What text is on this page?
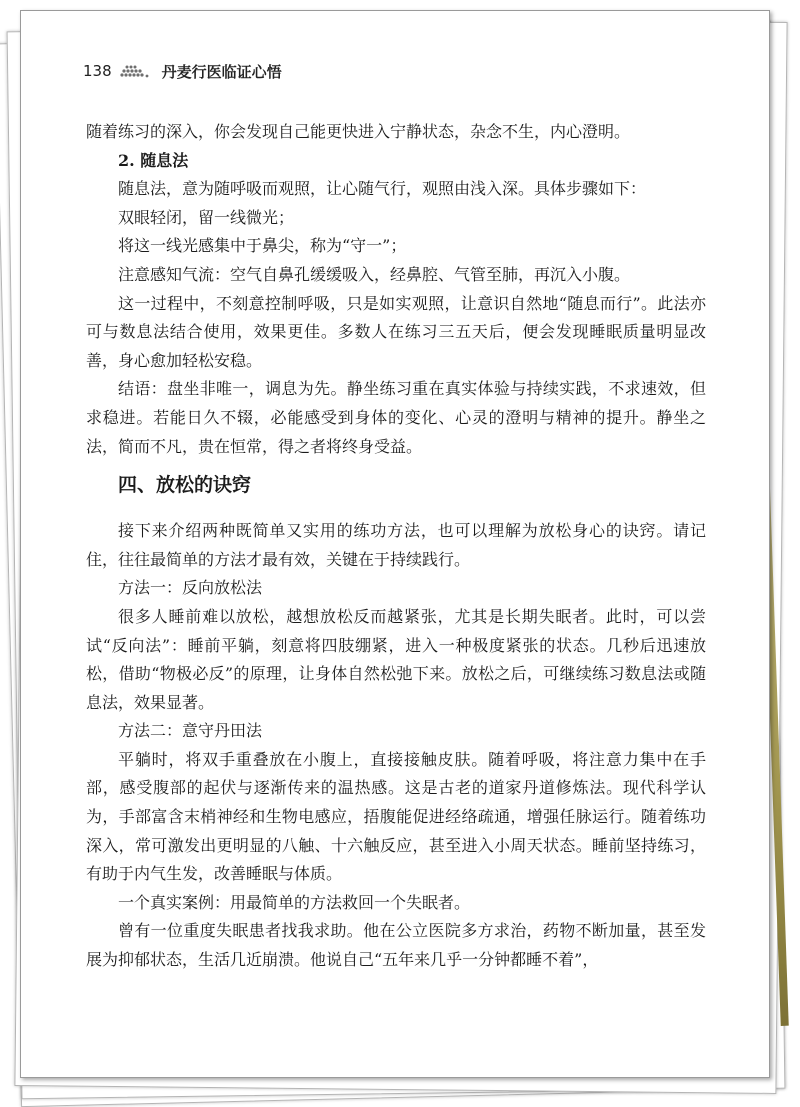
138	丹麦行医临证心悟

随着练习的深入，你会发现自己能更快进入宁静状态，杂念不生，内心澄明。

2. 随息法

随息法，意为随呼吸而观照，让心随气行，观照由浅入深。具体步骤如下：

双眼轻闭，留一线微光；

将这一线光感集中于鼻尖，称为“守一”；

注意感知气流：空气自鼻孔缓缓吸入，经鼻腔、气管至肺，再沉入小腹。

这一过程中，不刻意控制呼吸，只是如实观照，让意识自然地“随息而行”。此法亦可与数息法结合使用，效果更佳。多数人在练习三五天后，便会发现睡眠质量明显改善，身心愈加轻松安稳。

结语：盘坐非唯一，调息为先。静坐练习重在真实体验与持续实践，不求速效，但求稳进。若能日久不辍，必能感受到身体的变化、心灵的澄明与精神的提升。静坐之法，简而不凡，贵在恒常，得之者将终身受益。

四、放松的诀窍

接下来介绍两种既简单又实用的练功方法，也可以理解为放松身心的诀窍。请记住，往往最简单的方法才最有效，关键在于持续践行。

方法一：反向放松法

很多人睡前难以放松，越想放松反而越紧张，尤其是长期失眠者。此时，可以尝试“反向法”：睡前平躺，刻意将四肢绷紧，进入一种极度紧张的状态。几秒后迅速放松，借助“物极必反”的原理，让身体自然松弛下来。放松之后，可继续练习数息法或随息法，效果显著。

方法二：意守丹田法

平躺时，将双手重叠放在小腹上，直接接触皮肤。随着呼吸，将注意力集中在手部，感受腹部的起伏与逐渐传来的温热感。这是古老的道家丹道修炼法。现代科学认为，手部富含末梢神经和生物电感应，捂腹能促进经络疏通，增强任脉运行。随着练功深入，常可激发出更明显的八触、十六触反应，甚至进入小周天状态。睡前坚持练习，有助于内气生发，改善睡眠与体质。

一个真实案例：用最简单的方法救回一个失眠者。

曾有一位重度失眠患者找我求助。他在公立医院多方求治，药物不断加量，甚至发展为抑郁状态，生活几近崩溃。他说自己“五年来几乎一分钟都睡不着”，
